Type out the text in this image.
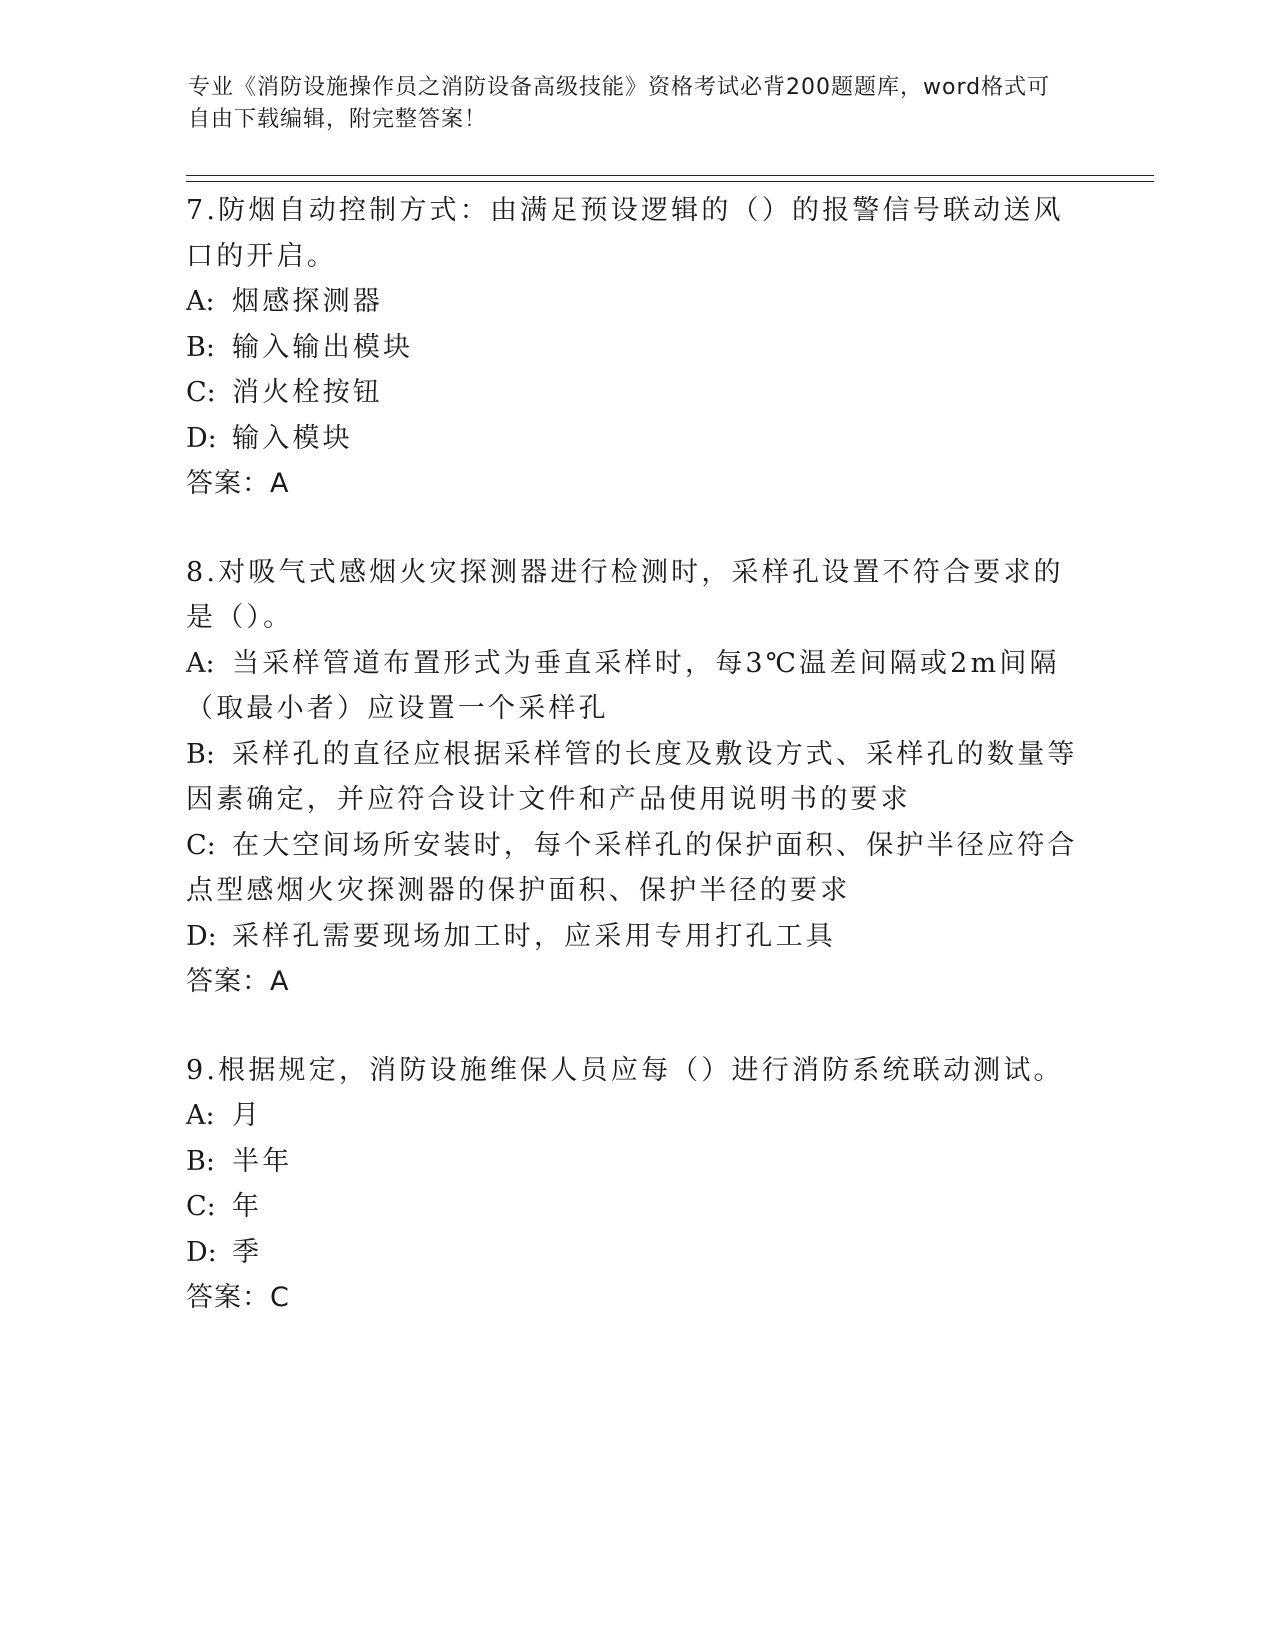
专业《消防设施操作员之消防设备高级技能》资格考试必背200题题库，word格式可自由下载编辑，附完整答案！

7.防烟自动控制方式：由满足预设逻辑的（）的报警信号联动送风口的开启。

A: 烟感探测器

B: 输入输出模块

C: 消火栓按钮

D: 输入模块

答案：A

8.对吸气式感烟火灾探测器进行检测时，采样孔设置不符合要求的是（）。

A: 当采样管道布置形式为垂直采样时，每3℃温差间隔或2m间隔（取最小者）应设置一个采样孔

B: 采样孔的直径应根据采样管的长度及敷设方式、采样孔的数量等因素确定，并应符合设计文件和产品使用说明书的要求

C: 在大空间场所安装时，每个采样孔的保护面积、保护半径应符合点型感烟火灾探测器的保护面积、保护半径的要求

D: 采样孔需要现场加工时，应采用专用打孔工具

答案：A

9.根据规定，消防设施维保人员应每（）进行消防系统联动测试。

A: 月

B: 半年

C: 年

D: 季

答案：C
